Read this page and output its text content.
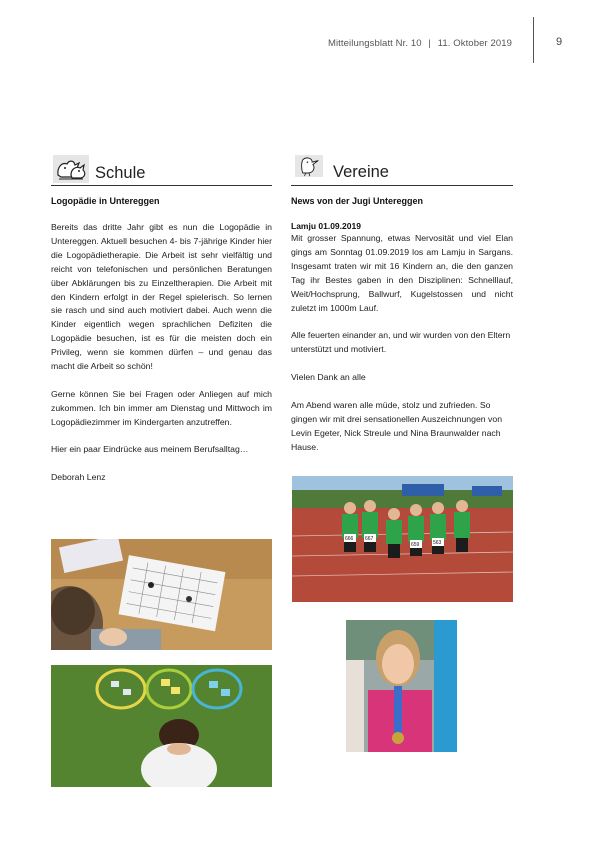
Mitteilungsblatt Nr. 10 | 11. Oktober 2019	9
Schule
Logopädie in Untereggen

Bereits das dritte Jahr gibt es nun die Logopädie in Untereggen. Aktuell besuchen 4- bis 7-jährige Kinder hier die Logopädietherapie. Die Arbeit ist sehr vielfältig und reicht von telefonischen und persönlichen Beratungen über Abklärungen bis zu Einzeltherapien. Die Arbeit mit den Kindern erfolgt in der Regel spielerisch. So lernen sie rasch und sind auch motiviert dabei. Auch wenn die Kinder eigentlich wegen sprachlichen Defiziten die Logopädie besuchen, ist es für die meisten doch ein Privileg, wenn sie kommen dürfen – und genau das macht die Arbeit so schön!

Gerne können Sie bei Fragen oder Anliegen auf mich zukommen. Ich bin immer am Dienstag und Mittwoch im Logopädiezimmer im Kindergarten anzutreffen.

Hier ein paar Eindrücke aus meinem Berufsalltag…

Deborah Lenz

Vereine
News von der Jugi Untereggen
Lamju 01.09.2019

Mit grosser Spannung, etwas Nervosität und viel Elan gings am Sonntag 01.09.2019 los am Lamju in Sargans. Insgesamt traten wir mit 16 Kindern an, die den ganzen Tag ihr Bestes gaben in den Disziplinen: Schnelllauf, Weit/Hochsprung, Ballwurf, Kugelstossen und nicht zuletzt im 1000m Lauf.

Alle feuerten einander an, und wir wurden von den Eltern unterstützt und motiviert.

Vielen Dank an alle

Am Abend waren alle müde, stolz und zufrieden. So gingen wir mit drei sensationellen Auszeichnungen von Levin Egeter, Nick Streule und Nina Braunwalder nach Hause.

666 667
659	563
